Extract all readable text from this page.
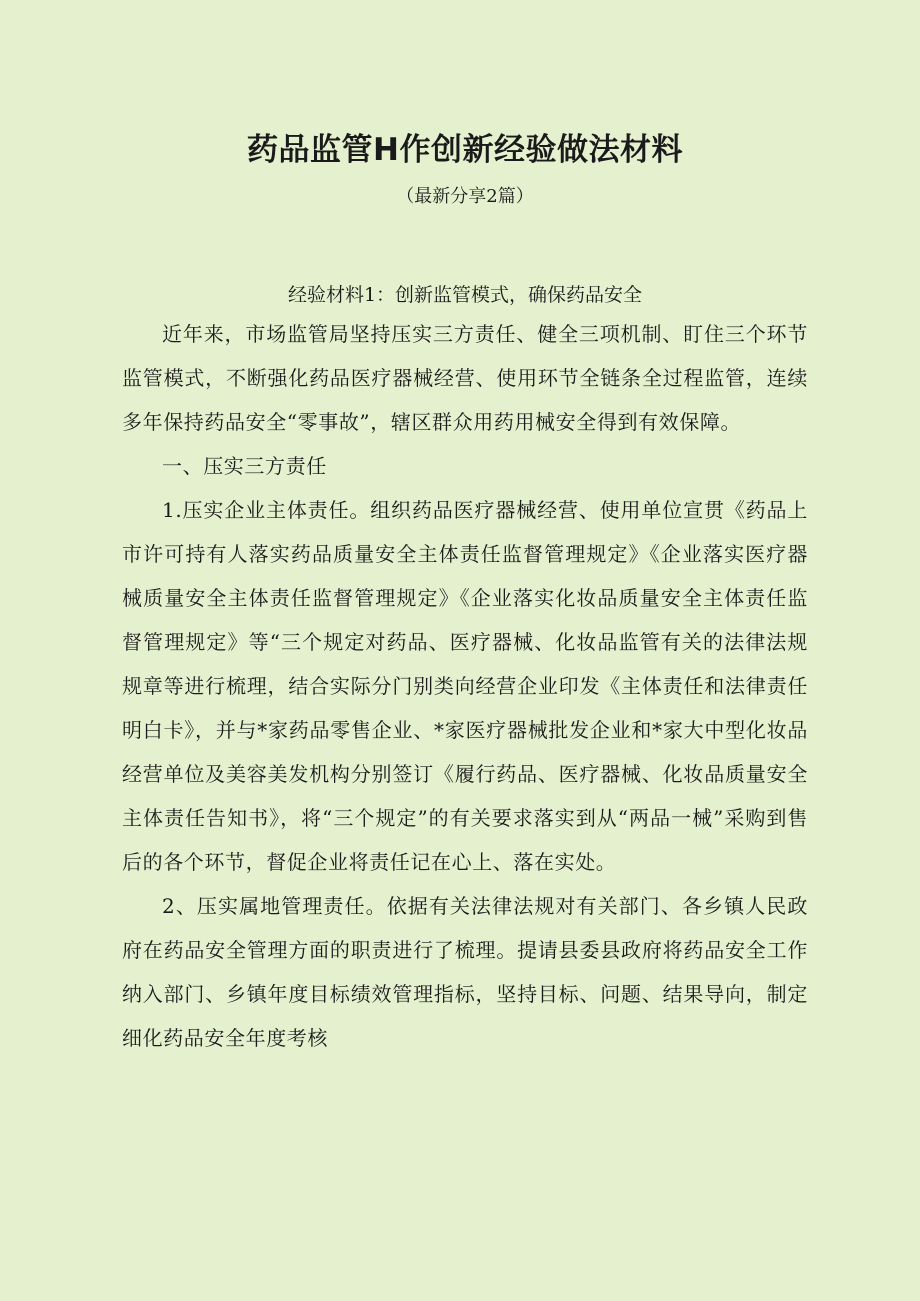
药品监管H作创新经验做法材料
（最新分享2篇）
经验材料1：创新监管模式，确保药品安全

近年来，市场监管局坚持压实三方责任、健全三项机制、盯住三个环节监管模式，不断强化药品医疗器械经营、使用环节全链条全过程监管，连续多年保持药品安全“零事故”，辖区群众用药用械安全得到有效保障。

一、压实三方责任

1.压实企业主体责任。组织药品医疗器械经营、使用单位宣贯《药品上市许可持有人落实药品质量安全主体责任监督管理规定》《企业落实医疗器械质量安全主体责任监督管理规定》《企业落实化妆品质量安全主体责任监督管理规定》等“三个规定对药品、医疗器械、化妆品监管有关的法律法规规章等进行梳理，结合实际分门别类向经营企业印发《主体责任和法律责任明白卡》，并与*家药品零售企业、*家医疗器械批发企业和*家大中型化妆品经营单位及美容美发机构分别签订《履行药品、医疗器械、化妆品质量安全主体责任告知书》，将“三个规定”的有关要求落实到从“两品一械”采购到售后的各个环节，督促企业将责任记在心上、落在实处。

2、压实属地管理责任。依据有关法律法规对有关部门、各乡镇人民政府在药品安全管理方面的职责进行了梳理。提请县委县政府将药品安全工作纳入部门、乡镇年度目标绩效管理指标，坚持目标、问题、结果导向，制定细化药品安全年度考核
